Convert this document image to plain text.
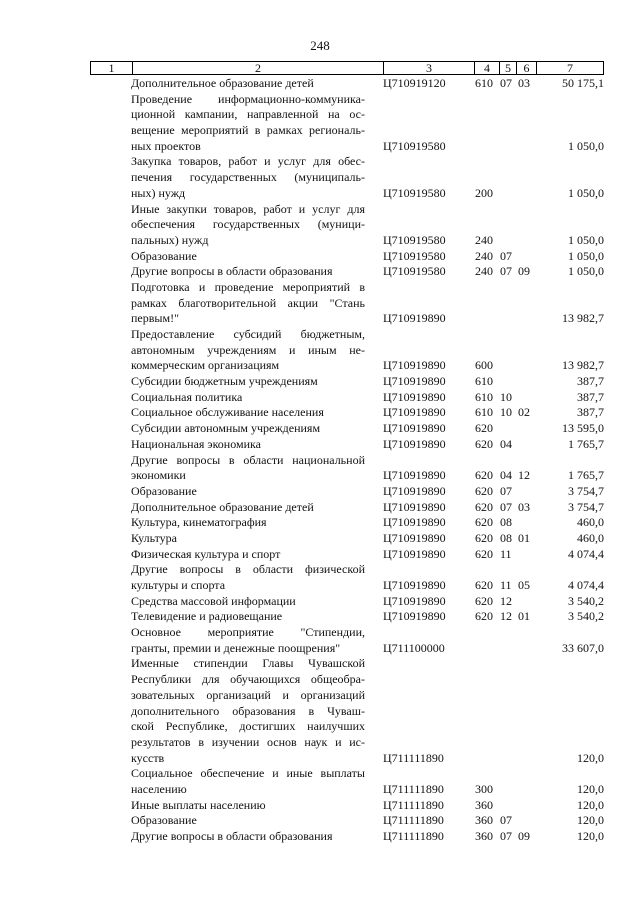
248
1	2	3	4	5	6	7
Дополнительное образование детей	Ц710919120	610 07 03	50 175,1
Проведение информационно-коммуника-
ционной кампании, направленной на ос-
вещение мероприятий в рамках региональ-
ных проектов	Ц710919580	1 050,0
Закупка товаров, работ и услуг для обес-
печения государственных (муниципаль-
ных) нужд	Ц710919580	200	1 050,0
Иные закупки товаров, работ и услуг для
обеспечения государственных (муници-
пальных) нужд	Ц710919580	240	1 050,0
Образование	Ц710919580	240 07	1 050,0
Другие вопросы в области образования	Ц710919580	240 07 09	1 050,0
Подготовка и проведение мероприятий в
рамках благотворительной акции "Стань
первым!"	Ц710919890	13 982,7
Предоставление субсидий бюджетным,
автономным учреждениям и иным не-
коммерческим организациям	Ц710919890	600	13 982,7
Субсидии бюджетным учреждениям	Ц710919890	610	387,7
Социальная политика	Ц710919890	610 10	387,7
Социальное обслуживание населения	Ц710919890	610 10 02	387,7
Субсидии автономным учреждениям	Ц710919890	620	13 595,0
Национальная экономика	Ц710919890	620 04	1 765,7
Другие вопросы в области национальной
экономики	Ц710919890	620 04 12	1 765,7
Образование	Ц710919890	620 07	3 754,7
Дополнительное образование детей	Ц710919890	620 07 03	3 754,7
Культура, кинематография	Ц710919890	620 08	460,0
Культура	Ц710919890	620 08 01	460,0
Физическая культура и спорт	Ц710919890	620 11	4 074,4
Другие вопросы в области физической
культуры и спорта	Ц710919890	620 11 05	4 074,4
Средства массовой информации	Ц710919890	620 12	3 540,2
Телевидение и радиовещание	Ц710919890	620 12 01	3 540,2
Основное мероприятие "Стипендии,
гранты, премии и денежные поощрения"	Ц711100000	33 607,0
Именные стипендии Главы Чувашской
Республики для обучающихся общеобра-
зовательных организаций и организаций
дополнительного образования в Чуваш-
ской Республике, достигших наилучших
результатов в изучении основ наук и ис-
кусств	Ц711111890	120,0
Социальное обеспечение и иные выплаты
населению	Ц711111890	300	120,0
Иные выплаты населению	Ц711111890	360	120,0
Образование	Ц711111890	360 07	120,0
Другие вопросы в области образования	Ц711111890	360 07 09	120,0
